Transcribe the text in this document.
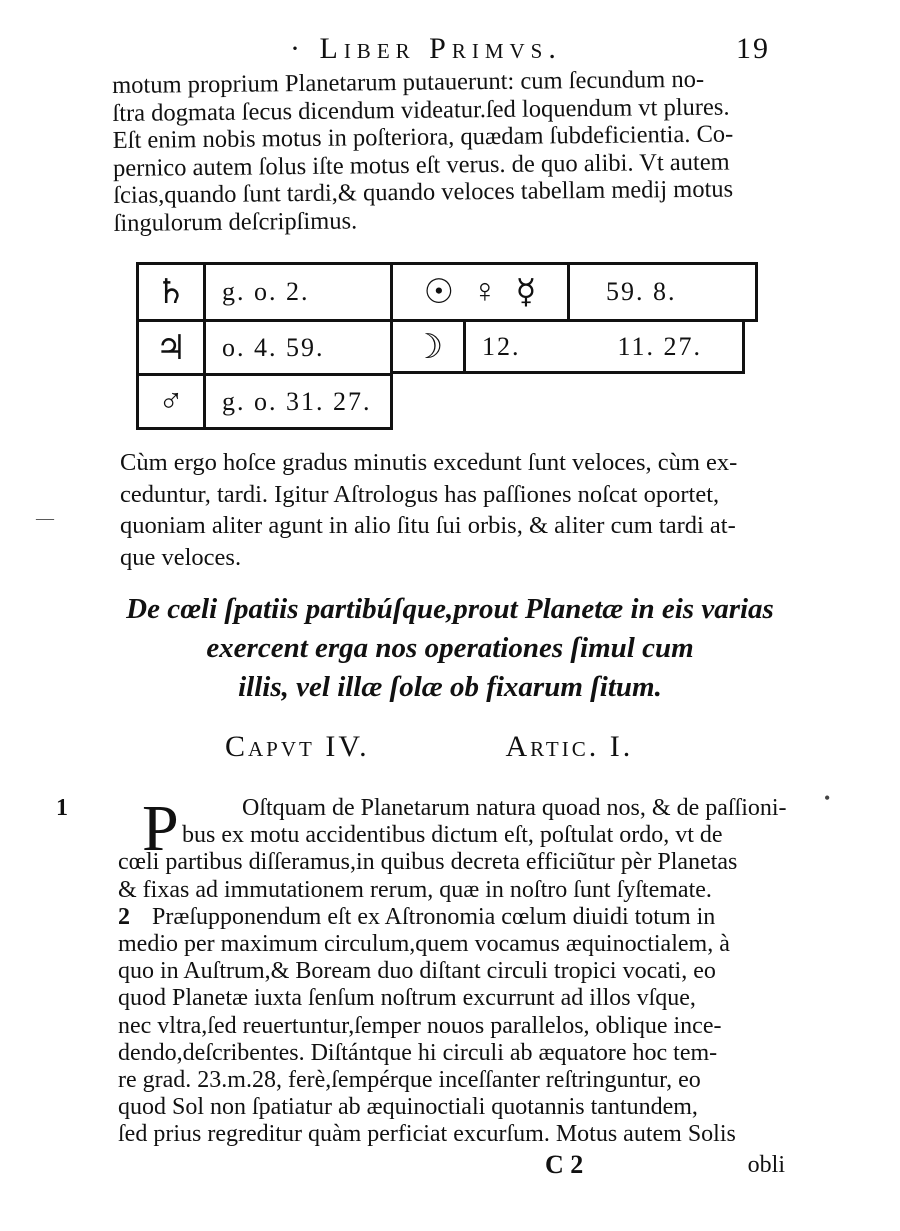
· Liber Primvs.	19
motum proprium Planetarum putauerunt: cum ſecundum no-
ſtra dogmata ſecus dicendum videatur.ſed loquendum vt plures.
Eſt enim nobis motus in poſteriora, quædam ſubdeficientia. Co-
pernico autem ſolus iſte motus eſt verus. de quo alibi. Vt autem
ſcias,quando ſunt tardi,& quando veloces tabellam medij motus
ſingulorum deſcripſimus.
♄ g. o. 2.	☉ ♀ ☿	59. 8.
♃ o. 4. 59.	☽ 12.	11. 27.
♂ g. o. 31. 27.
Cùm ergo hoſce gradus minutis excedunt ſunt veloces, cùm ex-
ceduntur, tardi. Igitur Aſtrologus has paſſiones noſcat oportet,
quoniam aliter agunt in alio ſitu ſui orbis, & aliter cum tardi at-
que veloces.
De cœli ſpatiis partibúſque,prout Planetæ in eis varias
exercent erga nos operationes ſimul cum
illis, vel illæ ſolæ ob fixarum ſitum.
Capvt IV.	Artic. I.
P
1	Oſtquam de Planetarum natura quoad nos, & de paſſioni-
bus ex motu accidentibus dictum eſt, poſtulat ordo, vt de
cœli partibus diſſeramus,in quibus decreta efficiũtur pèr Planetas
& fixas ad immutationem rerum, quæ in noſtro ſunt ſyſtemate.
2 Præſupponendum eſt ex Aſtronomia cœlum diuidi totum in
medio per maximum circulum,quem vocamus æquinoctialem, à
quo in Auſtrum,& Boream duo diſtant circuli tropici vocati, eo
quod Planetæ iuxta ſenſum noſtrum excurrunt ad illos vſque,
nec vltra,ſed reuertuntur,ſemper nouos parallelos, oblique ince-
dendo,deſcribentes. Diſtántque hi circuli ab æquatore hoc tem-
re grad. 23.m.28, ferè,ſempérque inceſſanter reſtringuntur, eo
quod Sol non ſpatiatur ab æquinoctiali quotannis tantundem,
ſed prius regreditur quàm perficiat excurſum. Motus autem Solis
C 2	obli
—
•
